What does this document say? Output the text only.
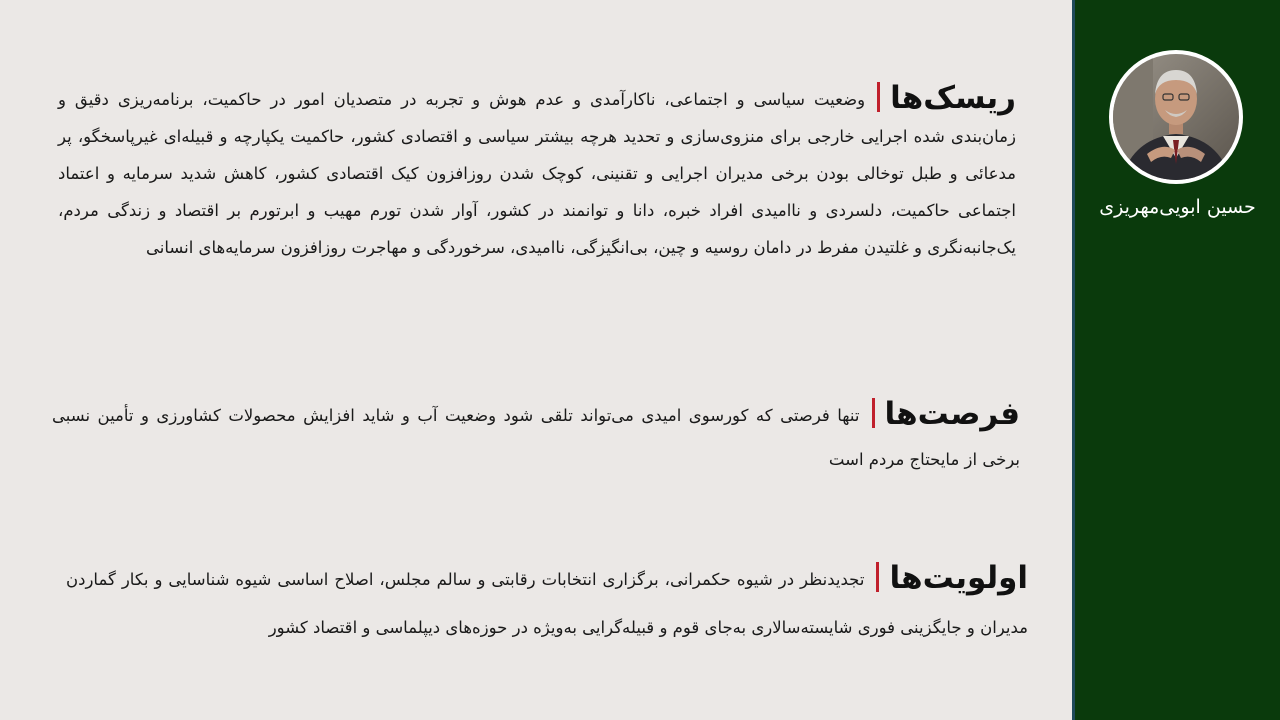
ریسک‌هاوضعیت سیاسی و اجتماعی، ناکارآمدی و عدم هوش و تجربه در متصدیان امور در حاکمیت، برنامه‌ریزی دقیق و زمان‌بندی شده اجرایی خارجی برای منزوی‌سازی و تحدید هرچه بیشتر سیاسی و اقتصادی کشور، حاکمیت یکپارچه و قبیله‌ای غیرپاسخگو، پر مدعائی و طبل توخالی بودن برخی مدیران اجرایی و تقنینی، کوچک شدن روزافزون کیک اقتصادی کشور، کاهش شدید سرمایه و اعتماد اجتماعی حاکمیت، دلسردی و ناامیدی افراد خبره، دانا و توانمند در کشور، آوار شدن تورم مهیب و ابرتورم بر اقتصاد و زندگی مردم، یک‌جانبه‌نگری و غلتیدن مفرط در دامان روسیه و چین، بی‌انگیزگی، ناامیدی، سرخوردگی و مهاجرت روزافزون سرمایه‌های انسانی
فرصت‌هاتنها فرصتی که کورسوی امیدی می‌تواند تلقی شود وضعیت آب و شاید افزایش محصولات کشاورزی و تأمین نسبی برخی از مایحتاج مردم است
اولویت‌هاتجدیدنظر در شیوه حکمرانی، برگزاری انتخابات رقابتی و سالم مجلس، اصلاح اساسی شیوه شناسایی و بکار گماردن مدیران و جایگزینی فوری شایسته‌سالاری به‌جای قوم و قبیله‌گرایی به‌ویژه در حوزه‌های دیپلماسی و اقتصاد کشور
حسین ابویی‌مهریزی
